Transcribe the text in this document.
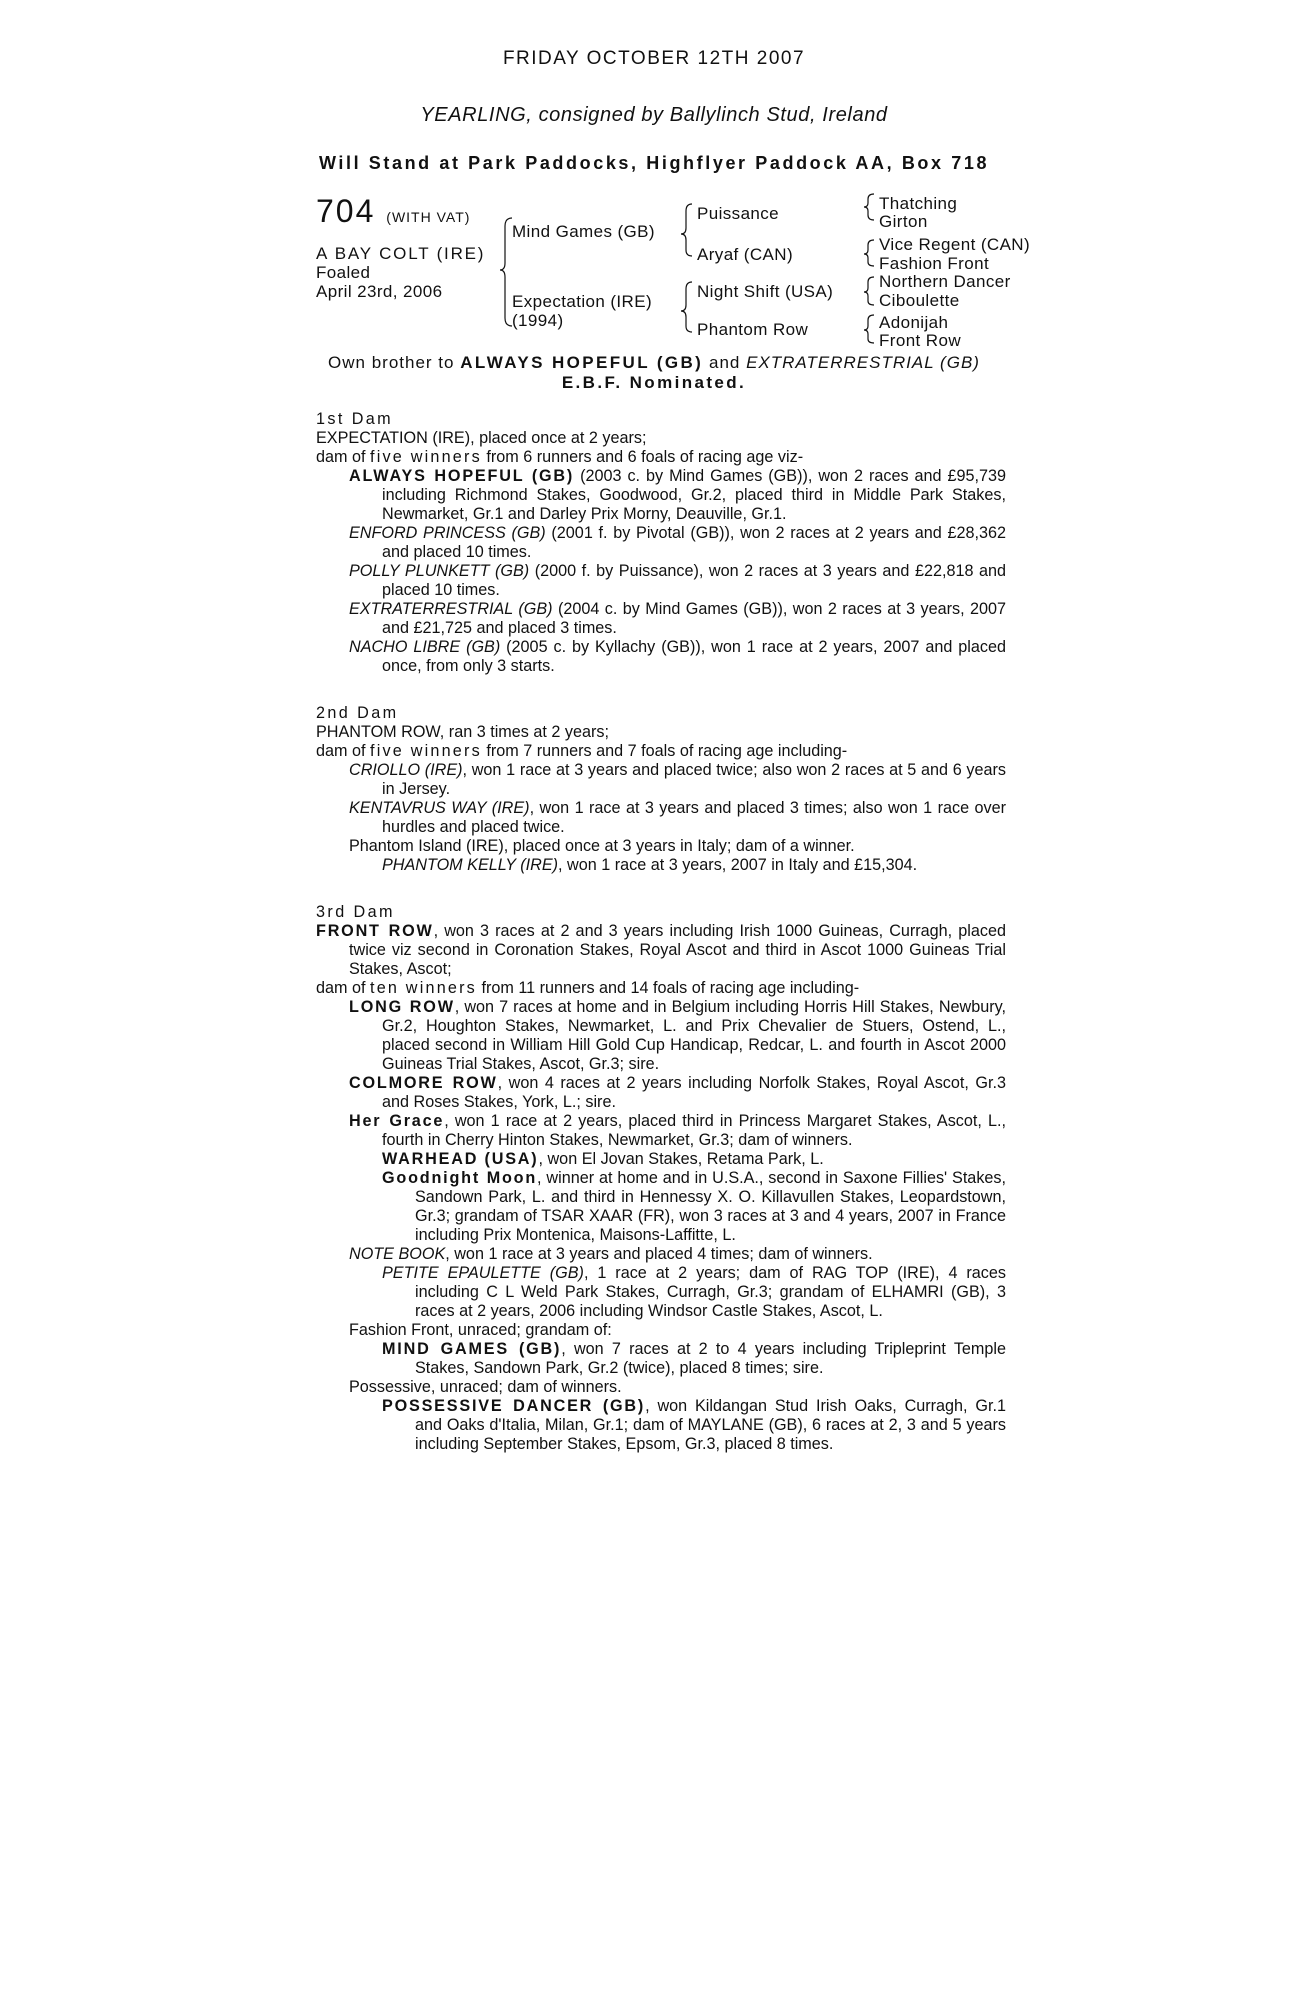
FRIDAY OCTOBER 12TH 2007
YEARLING, consigned by Ballylinch Stud, Ireland
Will Stand at Park Paddocks, Highflyer Paddock AA, Box 718
704 (WITH VAT)
A BAY COLT (IRE)
Foaled
April 23rd, 2006
Mind Games (GB)
Expectation (IRE)
(1994)
Puissance
Aryaf (CAN)
Night Shift (USA)
Phantom Row
Thatching
Girton
Vice Regent (CAN)
Fashion Front
Northern Dancer
Ciboulette
Adonijah
Front Row
Own brother to ALWAYS HOPEFUL (GB) and EXTRATERRESTRIAL (GB)
E.B.F. Nominated.
1st Dam
EXPECTATION (IRE), placed once at 2 years;
dam of five winners from 6 runners and 6 foals of racing age viz-
ALWAYS HOPEFUL (GB) (2003 c. by Mind Games (GB)), won 2 races and £95,739 including Richmond Stakes, Goodwood, Gr.2, placed third in Middle Park Stakes, Newmarket, Gr.1 and Darley Prix Morny, Deauville, Gr.1.
ENFORD PRINCESS (GB) (2001 f. by Pivotal (GB)), won 2 races at 2 years and £28,362 and placed 10 times.
POLLY PLUNKETT (GB) (2000 f. by Puissance), won 2 races at 3 years and £22,818 and placed 10 times.
EXTRATERRESTRIAL (GB) (2004 c. by Mind Games (GB)), won 2 races at 3 years, 2007 and £21,725 and placed 3 times.
NACHO LIBRE (GB) (2005 c. by Kyllachy (GB)), won 1 race at 2 years, 2007 and placed once, from only 3 starts.
2nd Dam
PHANTOM ROW, ran 3 times at 2 years;
dam of five winners from 7 runners and 7 foals of racing age including-
CRIOLLO (IRE), won 1 race at 3 years and placed twice; also won 2 races at 5 and 6 years in Jersey.
KENTAVRUS WAY (IRE), won 1 race at 3 years and placed 3 times; also won 1 race over hurdles and placed twice.
Phantom Island (IRE), placed once at 3 years in Italy; dam of a winner.
PHANTOM KELLY (IRE), won 1 race at 3 years, 2007 in Italy and £15,304.
3rd Dam
FRONT ROW, won 3 races at 2 and 3 years including Irish 1000 Guineas, Curragh, placed twice viz second in Coronation Stakes, Royal Ascot and third in Ascot 1000 Guineas Trial Stakes, Ascot;
dam of ten winners from 11 runners and 14 foals of racing age including-
LONG ROW, won 7 races at home and in Belgium including Horris Hill Stakes, Newbury, Gr.2, Houghton Stakes, Newmarket, L. and Prix Chevalier de Stuers, Ostend, L., placed second in William Hill Gold Cup Handicap, Redcar, L. and fourth in Ascot 2000 Guineas Trial Stakes, Ascot, Gr.3; sire.
COLMORE ROW, won 4 races at 2 years including Norfolk Stakes, Royal Ascot, Gr.3 and Roses Stakes, York, L.; sire.
Her Grace, won 1 race at 2 years, placed third in Princess Margaret Stakes, Ascot, L., fourth in Cherry Hinton Stakes, Newmarket, Gr.3; dam of winners.
WARHEAD (USA), won El Jovan Stakes, Retama Park, L.
Goodnight Moon, winner at home and in U.S.A., second in Saxone Fillies' Stakes, Sandown Park, L. and third in Hennessy X. O. Killavullen Stakes, Leopardstown, Gr.3; grandam of TSAR XAAR (FR), won 3 races at 3 and 4 years, 2007 in France including Prix Montenica, Maisons-Laffitte, L.
NOTE BOOK, won 1 race at 3 years and placed 4 times; dam of winners.
PETITE EPAULETTE (GB), 1 race at 2 years; dam of RAG TOP (IRE), 4 races including C L Weld Park Stakes, Curragh, Gr.3; grandam of ELHAMRI (GB), 3 races at 2 years, 2006 including Windsor Castle Stakes, Ascot, L.
Fashion Front, unraced; grandam of:
MIND GAMES (GB), won 7 races at 2 to 4 years including Tripleprint Temple Stakes, Sandown Park, Gr.2 (twice), placed 8 times; sire.
Possessive, unraced; dam of winners.
POSSESSIVE DANCER (GB), won Kildangan Stud Irish Oaks, Curragh, Gr.1 and Oaks d'Italia, Milan, Gr.1; dam of MAYLANE (GB), 6 races at 2, 3 and 5 years including September Stakes, Epsom, Gr.3, placed 8 times.
